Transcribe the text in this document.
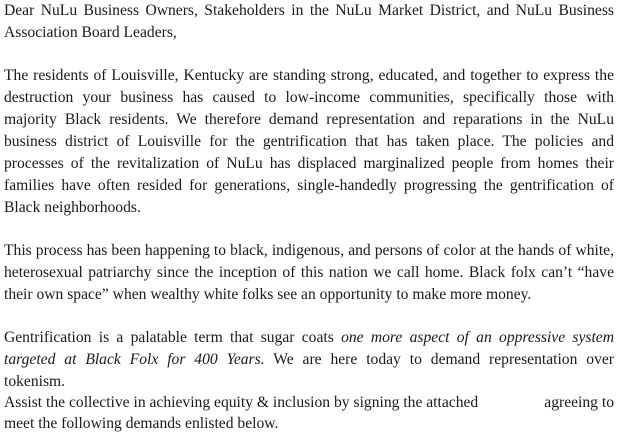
Dear NuLu Business Owners, Stakeholders in the NuLu Market District, and NuLu Business
Association Board Leaders,
The residents of Louisville, Kentucky are standing strong, educated, and together to express the
destruction your business has caused to low-income communities, specifically those with
majority Black residents. We therefore demand representation and reparations in the NuLu
business district of Louisville for the gentrification that has taken place. The policies and
processes of the revitalization of NuLu has displaced marginalized people from homes their
families have often resided for generations, single-handedly progressing the gentrification of
Black neighborhoods.
This process has been happening to black, indigenous, and persons of color at the hands of white,
heterosexual patriarchy since the inception of this nation we call home. Black folx can’t “have
their own space” when wealthy white folks see an opportunity to make more money.
Gentrification is a palatable term that sugar coats one more aspect of an oppressive system
targeted at Black Folx for 400 Years. We are here today to demand representation over
tokenism.
Assist the collective in achieving equity & inclusion by signing the attached	agreeing to
meet the following demands enlisted below.
